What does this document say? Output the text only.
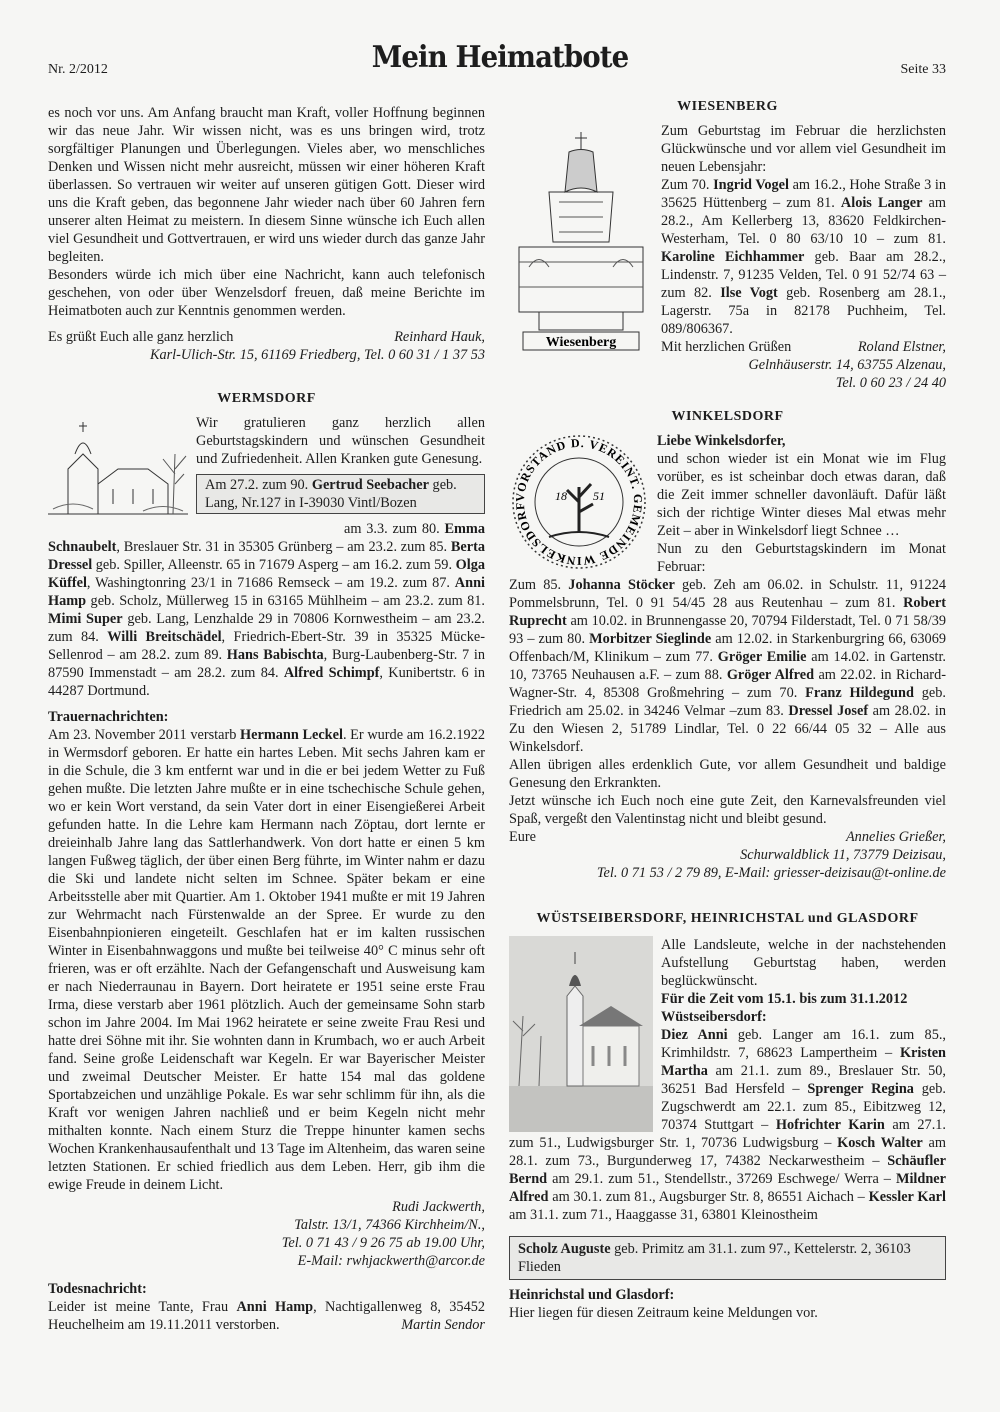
Nr. 2/2012	Mein Heimatbote	Seite 33

es noch vor uns. Am Anfang braucht man Kraft, voller Hoffnung beginnen wir das neue Jahr. Wir wissen nicht, was es uns bringen wird, trotz sorgfältiger Planungen und Überlegungen. Vieles aber, wo menschliches Denken und Wissen nicht mehr ausreicht, müssen wir einer höheren Kraft überlassen. So vertrauen wir weiter auf unseren gütigen Gott. Dieser wird uns die Kraft geben, das begonnene Jahr wieder nach über 60 Jahren fern unserer alten Heimat zu meistern. In diesem Sinne wünsche ich Euch allen viel Gesundheit und Gottvertrauen, er wird uns wieder durch das ganze Jahr begleiten.

Besonders würde ich mich über eine Nachricht, kann auch telefonisch geschehen, von oder über Wenzelsdorf freuen, daß meine Berichte im Heimatboten auch zur Kenntnis genommen werden.

Es grüßt Euch alle ganz herzlich	Reinhard Hauk,

Karl-Ulich-Str. 15, 61169 Friedberg, Tel. 0 60 31 / 1 37 53

WERMSDORF

Wir gratulieren ganz herzlich allen Geburtstagskindern und wünschen Gesundheit und Zufriedenheit. Allen Kranken gute Genesung.

Am 27.2. zum 90. Gertrud Seebacher geb. Lang, Nr.127 in I-39030 Vintl/Bozen

am 3.3. zum 80. Emma Schnaubelt, Breslauer Str. 31 in 35305 Grünberg – am 23.2. zum 85. Berta Dressel geb. Spiller, Alleenstr. 65 in 71679 Asperg – am 16.2. zum 59. Olga Küffel, Washingtonring 23/1 in 71686 Remseck – am 19.2. zum 87. Anni Hamp geb. Scholz, Müllerweg 15 in 63165 Mühlheim – am 23.2. zum 81. Mimi Super geb. Lang, Lenzhalde 29 in 70806 Kornwestheim – am 23.2. zum 84. Willi Breitschädel, Friedrich-Ebert-Str. 39 in 35325 Mücke-Sellenrod – am 28.2. zum 89. Hans Babischta, Burg-Laubenberg-Str. 7 in 87590 Immenstadt – am 28.2. zum 84. Alfred Schimpf, Kunibertstr. 6 in 44287 Dortmund.

Trauernachrichten:

Am 23. November 2011 verstarb Hermann Leckel. Er wurde am 16.2.1922 in Wermsdorf geboren. Er hatte ein hartes Leben. Mit sechs Jahren kam er in die Schule, die 3 km entfernt war und in die er bei jedem Wetter zu Fuß gehen mußte. Die letzten Jahre mußte er in eine tschechische Schule gehen, wo er kein Wort verstand, da sein Vater dort in einer Eisengießerei Arbeit gefunden hatte. In die Lehre kam Hermann nach Zöptau, dort lernte er dreieinhalb Jahre lang das Sattlerhandwerk. Von dort hatte er einen 5 km langen Fußweg täglich, der über einen Berg führte, im Winter nahm er dazu die Ski und landete nicht selten im Schnee. Später bekam er eine Arbeitsstelle aber mit Quartier. Am 1. Oktober 1941 mußte er mit 19 Jahren zur Wehrmacht nach Fürstenwalde an der Spree. Er wurde zu den Eisenbahnpionieren eingeteilt. Geschlafen hat er im kalten russischen Winter in Eisenbahnwaggons und mußte bei teilweise 40° C minus sehr oft frieren, was er oft erzählte. Nach der Gefangenschaft und Ausweisung kam er nach Niederraunau in Bayern. Dort heiratete er 1951 seine erste Frau Irma, diese verstarb aber 1961 plötzlich. Auch der gemeinsame Sohn starb schon im Jahre 2004. Im Mai 1962 heiratete er seine zweite Frau Resi und hatte drei Söhne mit ihr. Sie wohnten dann in Krumbach, wo er auch Arbeit fand. Seine große Leidenschaft war Kegeln. Er war Bayerischer Meister und zweimal Deutscher Meister. Er hatte 154 mal das goldene Sportabzeichen und unzählige Pokale. Es war sehr schlimm für ihn, als die Kraft vor wenigen Jahren nachließ und er beim Kegeln nicht mehr mithalten konnte. Nach einem Sturz die Treppe hinunter kamen sechs Wochen Krankenhausaufenthalt und 13 Tage im Altenheim, das waren seine letzten Stationen. Er schied friedlich aus dem Leben. Herr, gib ihm die ewige Freude in deinem Licht.

Rudi Jackwerth,

Talstr. 13/1, 74366 Kirchheim/N.,

Tel. 0 71 43 / 9 26 75 ab 19.00 Uhr,

E-Mail: rwhjackwerth@arcor.de

Todesnachricht:

Leider ist meine Tante, Frau Anni Hamp, Nachtigallenweg 8, 35452 Heuchelheim am 19.11.2011 verstorben.	Martin Sendor

WIESENBERG

Wiesenberg

Zum Geburtstag im Februar die herzlichsten Glückwünsche und vor allem viel Gesundheit im neuen Lebensjahr:

Zum 70. Ingrid Vogel am 16.2., Hohe Straße 3 in 35625 Hüttenberg – zum 81. Alois Langer am 28.2., Am Kellerberg 13, 83620 Feldkirchen-Westerham, Tel. 0 80 63/10 10 – zum 81. Karoline Eichhammer geb. Baar am 28.2., Lindenstr. 7, 91235 Velden, Tel. 0 91 52/74 63 – zum 82. Ilse Vogt geb. Rosenberg am 28.1., Lagerstr. 75a in 82178 Puchheim, Tel. 089/806367.

Mit herzlichen Grüßen	Roland Elstner,

Gelnhäuserstr. 14, 63755 Alzenau,

Tel. 0 60 23 / 24 40

WINKELSDORF

VORSTAND D. VEREINT. GEMEINDE WINKELSDORF
18 51

Liebe Winkelsdorfer,

und schon wieder ist ein Monat wie im Flug vorüber, es ist scheinbar doch etwas daran, daß die Zeit immer schneller davonläuft. Dafür läßt sich der richtige Winter dieses Mal etwas mehr Zeit – aber in Winkelsdorf liegt Schnee …

Nun zu den Geburtstagskindern im Monat Februar:

Zum 85. Johanna Stöcker geb. Zeh am 06.02. in Schulstr. 11, 91224 Pommelsbrunn, Tel. 0 91 54/45 28 aus Reutenhau – zum 81. Robert Ruprecht am 10.02. in Brunnengasse 20, 70794 Filderstadt, Tel. 0 71 58/39 93 – zum 80. Morbitzer Sieglinde am 12.02. in Starkenburgring 66, 63069 Offenbach/M, Klinikum – zum 77. Gröger Emilie am 14.02. in Gartenstr. 10, 73765 Neuhausen a.F. – zum 88. Gröger Alfred am 22.02. in Richard-Wagner-Str. 4, 85308 Großmehring – zum 70. Franz Hildegund geb. Friedrich am 25.02. in 34246 Velmar –zum 83. Dressel Josef am 28.02. in Zu den Wiesen 2, 51789 Lindlar, Tel. 0 22 66/44 05 32 – Alle aus Winkelsdorf.

Allen übrigen alles erdenklich Gute, vor allem Gesundheit und baldige Genesung den Erkrankten.

Jetzt wünsche ich Euch noch eine gute Zeit, den Karnevalsfreunden viel Spaß, vergeßt den Valentinstag nicht und bleibt gesund.

Eure	Annelies Grießer,

Schurwaldblick 11, 73779 Deizisau,

Tel. 0 71 53 / 2 79 89, E-Mail: griesser-deizisau@t-online.de

WÜSTSEIBERSDORF, HEINRICHSTAL und GLASDORF

Alle Landsleute, welche in der nachstehenden Aufstellung Geburtstag haben, werden beglückwünscht.

Für die Zeit vom 15.1. bis zum 31.1.2012

Wüstseibersdorf:

Diez Anni geb. Langer am 16.1. zum 85., Krimhildstr. 7, 68623 Lampertheim – Kristen Martha am 21.1. zum 89., Breslauer Str. 50, 36251 Bad Hersfeld – Sprenger Regina geb. Zugschwerdt am 22.1. zum 85., Eibitzweg 12, 70374 Stuttgart – Hofrichter Karin am 27.1. zum 51., Ludwigsburger Str. 1, 70736 Ludwigsburg – Kosch Walter am 28.1. zum 73., Burgunderweg 17, 74382 Neckarwestheim – Schäufler Bernd am 29.1. zum 51., Stendellstr., 37269 Eschwege/ Werra – Mildner Alfred am 30.1. zum 81., Augsburger Str. 8, 86551 Aichach – Kessler Karl am 31.1. zum 71., Haaggasse 31, 63801 Kleinostheim

Scholz Auguste geb. Primitz am 31.1. zum 97., Kettelerstr. 2, 36103 Flieden

Heinrichstal und Glasdorf:

Hier liegen für diesen Zeitraum keine Meldungen vor.
